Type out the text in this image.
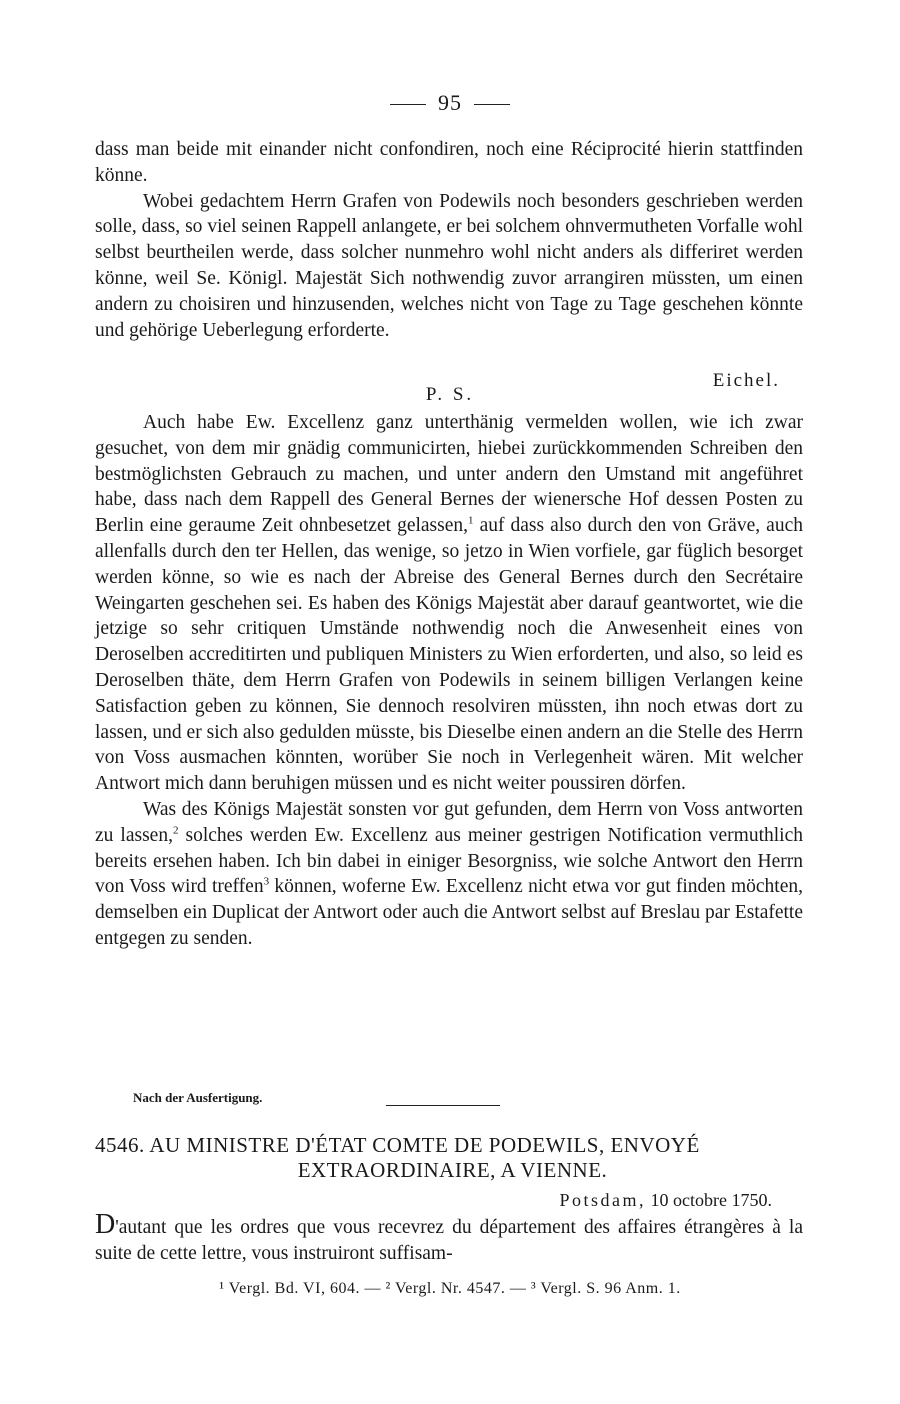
95

dass man beide mit einander nicht confondiren, noch eine Réciprocité hierin stattfinden könne.

Wobei gedachtem Herrn Grafen von Podewils noch besonders geschrieben werden solle, dass, so viel seinen Rappell anlangete, er bei solchem ohnvermutheten Vorfalle wohl selbst beurtheilen werde, dass solcher nunmehro wohl nicht anders als differiret werden könne, weil Se. Königl. Majestät Sich nothwendig zuvor arrangiren müssten, um einen andern zu choisiren und hinzusenden, welches nicht von Tage zu Tage geschehen könnte und gehörige Ueberlegung erforderte.

Eichel.
P. S.

Auch habe Ew. Excellenz ganz unterthänig vermelden wollen, wie ich zwar gesuchet, von dem mir gnädig communicirten, hiebei zurückkommenden Schreiben den bestmöglichsten Gebrauch zu machen, und unter andern den Umstand mit angeführet habe, dass nach dem Rappell des General Bernes der wienersche Hof dessen Posten zu Berlin eine geraume Zeit ohnbesetzet gelassen,$^1$ auf dass also durch den von Gräve, auch allenfalls durch den ter Hellen, das wenige, so jetzo in Wien vorfiele, gar füglich besorget werden könne, so wie es nach der Abreise des General Bernes durch den Secrétaire Weingarten geschehen sei. Es haben des Königs Majestät aber darauf geantwortet, wie die jetzige so sehr critiquen Umstände nothwendig noch die Anwesenheit eines von Deroselben accreditirten und publiquen Ministers zu Wien erforderten, und also, so leid es Deroselben thäte, dem Herrn Grafen von Podewils in seinem billigen Verlangen keine Satisfaction geben zu können, Sie dennoch resolviren müssten, ihn noch etwas dort zu lassen, und er sich also gedulden müsste, bis Dieselbe einen andern an die Stelle des Herrn von Voss ausmachen könnten, worüber Sie noch in Verlegenheit wären. Mit welcher Antwort mich dann beruhigen müssen und es nicht weiter poussiren dörfen.

Was des Königs Majestät sonsten vor gut gefunden, dem Herrn von Voss antworten zu lassen,$^2$ solches werden Ew. Excellenz aus meiner gestrigen Notification vermuthlich bereits ersehen haben. Ich bin dabei in einiger Besorgniss, wie solche Antwort den Herrn von Voss wird treffen$^3$ können, woferne Ew. Excellenz nicht etwa vor gut finden möchten, demselben ein Duplicat der Antwort oder auch die Antwort selbst auf Breslau par Estafette entgegen zu senden.

Nach der Ausfertigung.
4546. AU MINISTRE D'ÉTAT COMTE DE PODEWILS, ENVOYÉ
EXTRAORDINAIRE, A VIENNE.
Potsdam, 10 octobre 1750.
D'autant que les ordres que vous recevrez du département des affaires étrangères à la suite de cette lettre, vous instruiront suffisam-
¹ Vergl. Bd. VI, 604. — ² Vergl. Nr. 4547. — ³ Vergl. S. 96 Anm. 1.
